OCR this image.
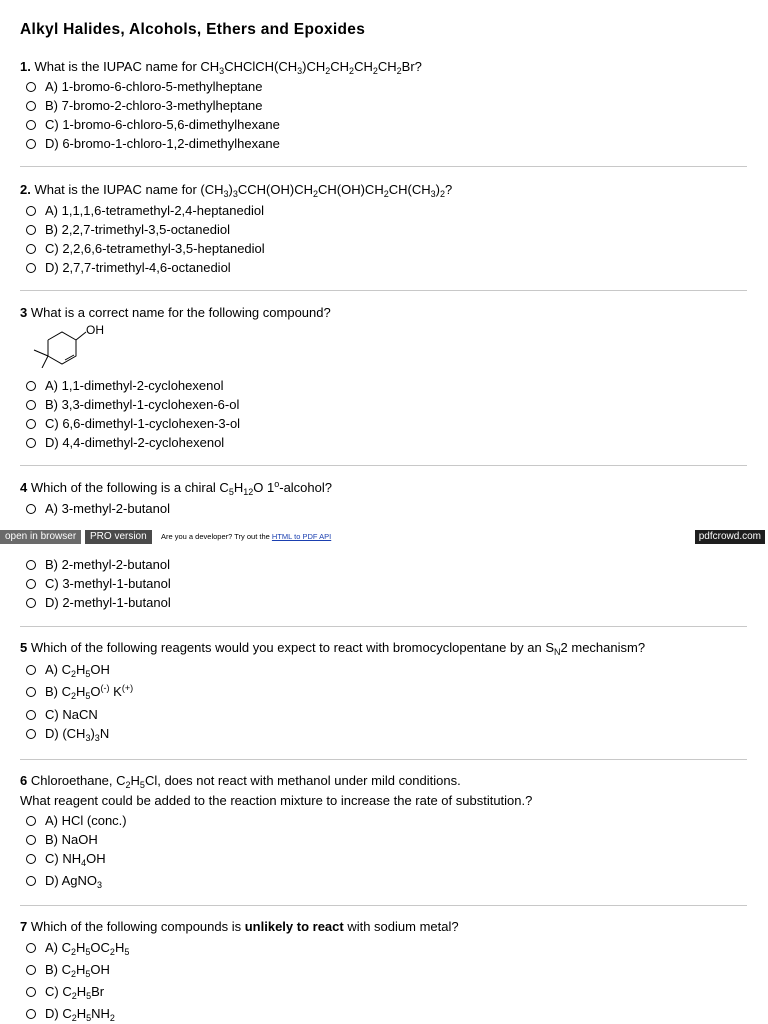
Alkyl Halides, Alcohols, Ethers and Epoxides
1. What is the IUPAC name for $CH_3CHClCH(CH_3)CH_2CH_2CH_2CH_2Br$?
A) 1-bromo-6-chloro-5-methylheptane
B) 7-bromo-2-chloro-3-methylheptane
C) 1-bromo-6-chloro-5,6-dimethylhexane
D) 6-bromo-1-chloro-1,2-dimethylhexane
2. What is the IUPAC name for $(CH_3)_3CCH(OH)CH_2CH(OH)CH_2CH(CH_3)_2$?
A) 1,1,1,6-tetramethyl-2,4-heptanediol
B) 2,2,7-trimethyl-3,5-octanediol
C) 2,2,6,6-tetramethyl-3,5-heptanediol
D) 2,7,7-trimethyl-4,6-octanediol
3 What is a correct name for the following compound?
OH
A) 1,1-dimethyl-2-cyclohexenol
B) 3,3-dimethyl-1-cyclohexen-6-ol
C) 6,6-dimethyl-1-cyclohexen-3-ol
D) 4,4-dimethyl-2-cyclohexenol
4 Which of the following is a chiral $C_5H_{12}O$ 1$^o$-alcohol?
A) 3-methyl-2-butanol
open in browser	PRO version	Are you a developer? Try out the HTML to PDF API	pdfcrowd.com
B) 2-methyl-2-butanol
C) 3-methyl-1-butanol
D) 2-methyl-1-butanol
5 Which of the following reagents would you expect to react with bromocyclopentane by an $S_N2$ mechanism?
A) $C_2H_5OH$
B) $C_2H_5O^{(-)}$ K(+)
C) NaCN
D) $(CH_3)_3N$
6 Chloroethane, $C_2H_5Cl$, does not react with methanol under mild conditions.
What reagent could be added to the reaction mixture to increase the rate of substitution.?
A) HCl (conc.)
B) NaOH
C) $NH_4OH$
D) AgNO$_3$
7 Which of the following compounds is unlikely to react with sodium metal?
A) $C_2H_5OC_2H_5$
B) $C_2H_5OH$
C) $C_2H_5Br$
D) $C_2H_5NH_2$
